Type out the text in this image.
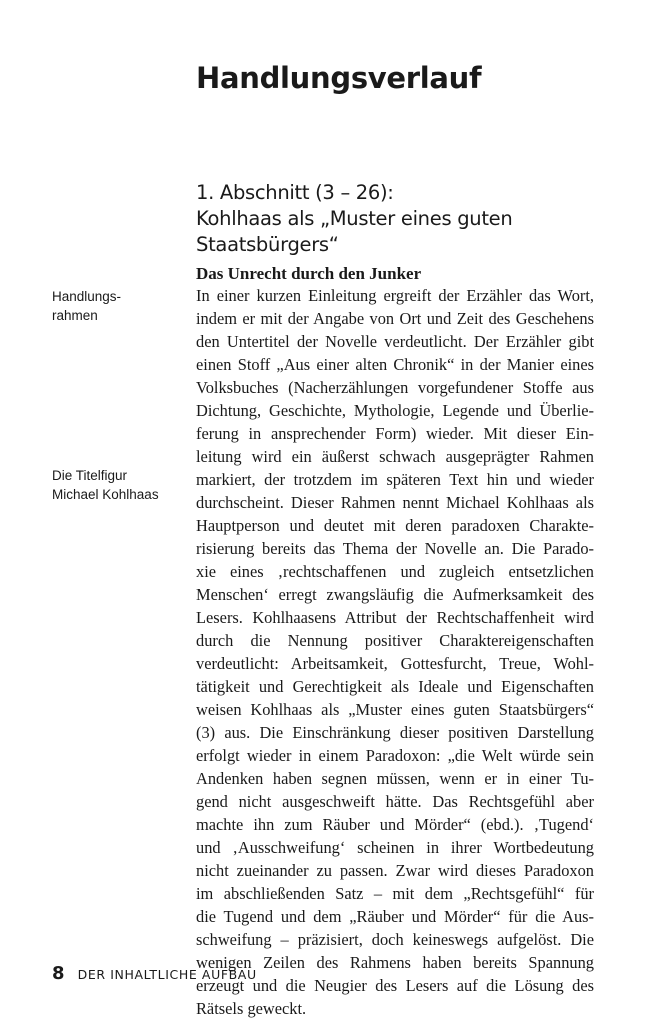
Handlungsverlauf
1. Abschnitt (3 – 26):
Kohlhaas als „Muster eines guten
Staatsbürgers“
Das Unrecht durch den Junker
Handlungs-
rahmen
Die Titelfigur
Michael Kohlhaas
In einer kurzen Einleitung ergreift der Erzähler das Wort,
indem er mit der Angabe von Ort und Zeit des Geschehens
den Untertitel der Novelle verdeutlicht. Der Erzähler gibt
einen Stoff „Aus einer alten Chronik“ in der Manier eines
Volksbuches (Nacherzählungen vorgefundener Stoffe aus
Dichtung, Geschichte, Mythologie, Legende und Überlie-
ferung in ansprechender Form) wieder. Mit dieser Ein-
leitung wird ein äußerst schwach ausgeprägter Rahmen
markiert, der trotzdem im späteren Text hin und wieder
durchscheint. Dieser Rahmen nennt Michael Kohlhaas als
Hauptperson und deutet mit deren paradoxen Charakte-
risierung bereits das Thema der Novelle an. Die Parado-
xie eines ‚rechtschaffenen und zugleich entsetzlichen
Menschen‘ erregt zwangsläufig die Aufmerksamkeit des
Lesers. Kohlhaasens Attribut der Rechtschaffenheit wird
durch die Nennung positiver Charaktereigenschaften
verdeutlicht: Arbeitsamkeit, Gottesfurcht, Treue, Wohl-
tätigkeit und Gerechtigkeit als Ideale und Eigenschaften
weisen Kohlhaas als „Muster eines guten Staatsbürgers“
(3) aus. Die Einschränkung dieser positiven Darstellung
erfolgt wieder in einem Paradoxon: „die Welt würde sein
Andenken haben segnen müssen, wenn er in einer Tu-
gend nicht ausgeschweift hätte. Das Rechtsgefühl aber
machte ihn zum Räuber und Mörder“ (ebd.). ‚Tugend‘
und ‚Ausschweifung‘ scheinen in ihrer Wortbedeutung
nicht zueinander zu passen. Zwar wird dieses Paradoxon
im abschließenden Satz – mit dem „Rechtsgefühl“ für
die Tugend und dem „Räuber und Mörder“ für die Aus-
schweifung – präzisiert, doch keineswegs aufgelöst. Die
wenigen Zeilen des Rahmens haben bereits Spannung
erzeugt und die Neugier des Lesers auf die Lösung des
Rätsels geweckt.
8 DER INHALTLICHE AUFBAU
